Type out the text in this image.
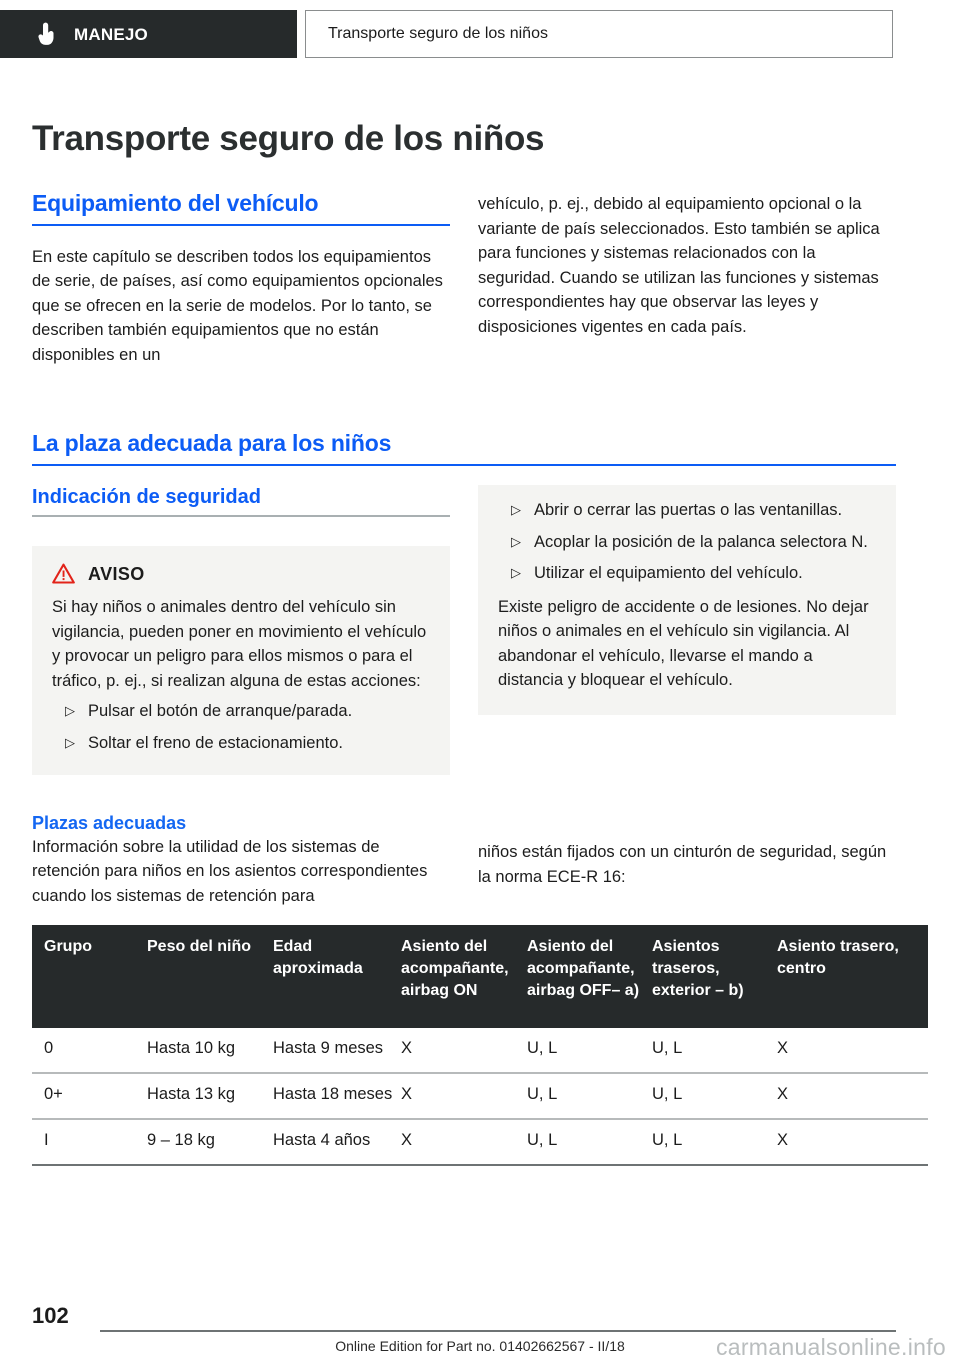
MANEJO	Transporte seguro de los niños
Transporte seguro de los niños
Equipamiento del vehículo

En este capítulo se describen todos los equipamientos de serie, de países, así como equipamientos opcionales que se ofrecen en la serie de modelos. Por lo tanto, se describen también equipamientos que no están disponibles en un

vehículo, p. ej., debido al equipamiento opcional o la variante de país seleccionados. Esto también se aplica para funciones y sistemas relacionados con la seguridad. Cuando se utilizan las funciones y sistemas correspondientes hay que observar las leyes y disposiciones vigentes en cada país.

La plaza adecuada para los niños
Indicación de seguridad
AVISO

Si hay niños o animales dentro del vehículo sin vigilancia, pueden poner en movimiento el vehículo y provocar un peligro para ellos mismos o para el tráfico, p. ej., si realizan alguna de estas acciones:

▷ Pulsar el botón de arranque/parada.
▷ Soltar el freno de estacionamiento.
▷ Abrir o cerrar las puertas o las ventanillas.
▷ Acoplar la posición de la palanca selectora N.
▷ Utilizar el equipamiento del vehículo.

Existe peligro de accidente o de lesiones. No dejar niños o animales en el vehículo sin vigilancia. Al abandonar el vehículo, llevarse el mando a distancia y bloquear el vehículo.

Plazas adecuadas

Información sobre la utilidad de los sistemas de retención para niños en los asientos correspondientes cuando los sistemas de retención para

niños están fijados con un cinturón de seguridad, según la norma ECE-R 16:

Grupo	Peso del niño	Edad aproximada	Asiento del acompañante, airbag ON	Asiento del acompañante, airbag OFF– a)	Asientos traseros, exterior – b)	Asiento trasero, centro
0	Hasta 10 kg	Hasta 9 meses	X	U, L	U, L	X
0+	Hasta 13 kg	Hasta 18 meses	X	U, L	U, L	X
I	9 – 18 kg	Hasta 4 años	X	U, L	U, L	X
102
Online Edition for Part no. 01402662567 - II/18	carmanualsonline.info
